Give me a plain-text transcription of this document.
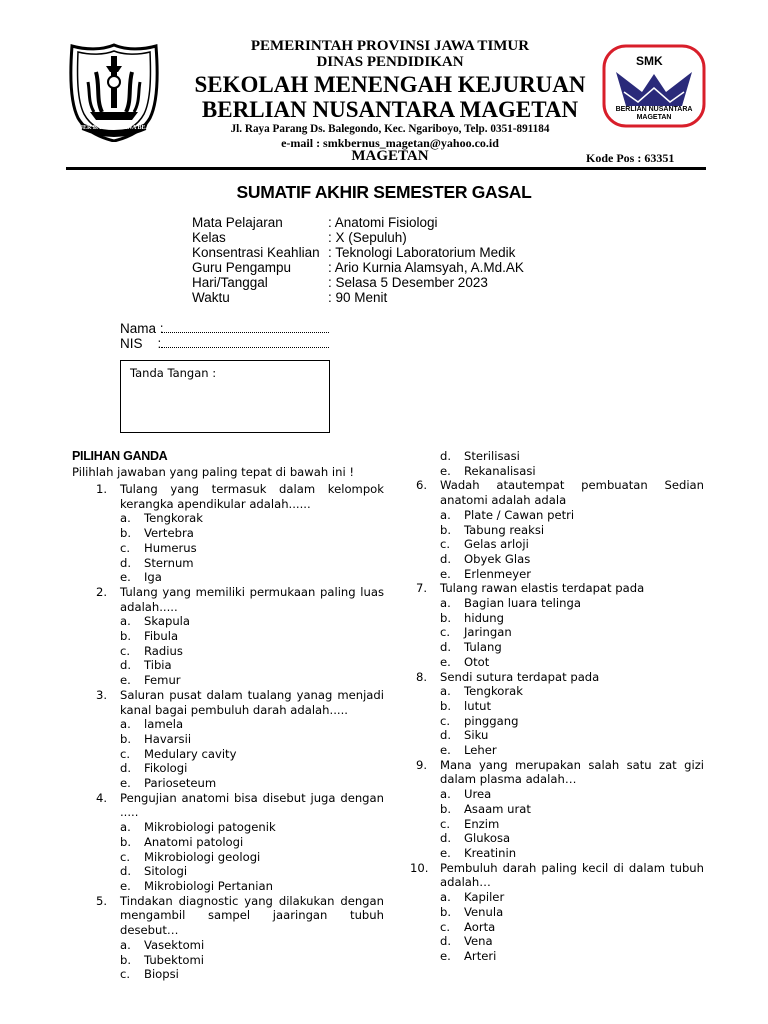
JER BASUKI MAWA BEA
PEMERINTAH PROVINSI JAWA TIMUR
DINAS PENDIDIKAN
SEKOLAH MENENGAH KEJURUAN
BERLIAN NUSANTARA MAGETAN
Jl. Raya Parang Ds. Balegondo, Kec. Ngariboyo, Telp. 0351-891184
e-mail : smkbernus_magetan@yahoo.co.id
MAGETAN	Kode Pos : 63351
SMK
BERLIAN NUSANTARA
MAGETAN
SUMATIF AKHIR SEMESTER GASAL
Mata Pelajaran	: Anatomi Fisiologi
Kelas	: X (Sepuluh)
Konsentrasi Keahlian : Teknologi Laboratorium Medik
Guru Pengampu	: Ario Kurnia Alamsyah, A.Md.AK
Hari/Tanggal	: Selasa 5 Desember 2023
Waktu	: 90 Menit
Nama :
NIS    :
Tanda Tangan :
PILIHAN GANDA
Pilihlah jawaban yang paling tepat di bawah ini !
1. Tulang yang termasuk dalam kelompok kerangka apendikular adalah......
a. Tengkorak
b. Vertebra
c. Humerus
d. Sternum
e. Iga
2. Tulang yang memiliki permukaan paling luas adalah.....
a. Skapula
b. Fibula
c. Radius
d. Tibia
e. Femur
3. Saluran pusat dalam tualang yanag menjadi kanal bagai pembuluh darah adalah.....
a. lamela
b. Havarsii
c. Medulary cavity
d. Fikologi
e. Parioseteum
4. Pengujian anatomi bisa disebut juga dengan .....
a. Mikrobiologi patogenik
b. Anatomi patologi
c. Mikrobiologi geologi
d. Sitologi
e. Mikrobiologi Pertanian
5. Tindakan diagnostic yang dilakukan dengan mengambil sampel jaaringan tubuh desebut…
a. Vasektomi
b. Tubektomi
c. Biopsi
d. Sterilisasi
e. Rekanalisasi
6. Wadah atautempat pembuatan Sedian anatomi adalah adala
a. Plate / Cawan petri
b. Tabung reaksi
c. Gelas arloji
d. Obyek Glas
e. Erlenmeyer
7. Tulang rawan elastis terdapat pada
a. Bagian luara telinga
b. hidung
c. Jaringan
d. Tulang
e. Otot
8. Sendi sutura terdapat pada
a. Tengkorak
b. lutut
c. pinggang
d. Siku
e. Leher
9. Mana yang merupakan salah satu zat gizi dalam plasma adalah…
a. Urea
b. Asaam urat
c. Enzim
d. Glukosa
e. Kreatinin
10. Pembuluh darah paling kecil di dalam tubuh adalah…
a. Kapiler
b. Venula
c. Aorta
d. Vena
e. Arteri
